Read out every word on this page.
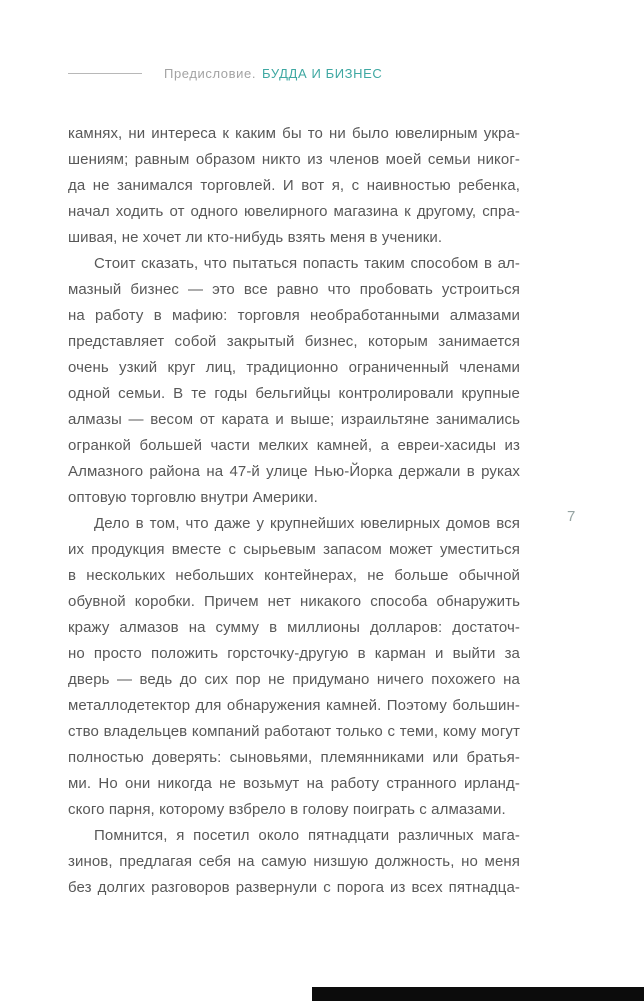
Предисловие. БУДДА И БИЗНЕС
7

камнях, ни интереса к каким бы то ни было ювелирным укра-
шениям; равным образом никто из членов моей семьи никог-
да не занимался торговлей. И вот я, с наивностью ребенка,
начал ходить от одного ювелирного магазина к другому, спра-
шивая, не хочет ли кто-нибудь взять меня в ученики.

Стоит сказать, что пытаться попасть таким способом в ал-
мазный бизнес — это все равно что пробовать устроиться
на работу в мафию: торговля необработанными алмазами
представляет собой закрытый бизнес, которым занимается
очень узкий круг лиц, традиционно ограниченный членами
одной семьи. В те годы бельгийцы контролировали крупные
алмазы — весом от карата и выше; израильтяне занимались
огранкой большей части мелких камней, а евреи-хасиды из
Алмазного района на 47-й улице Нью-Йорка держали в руках
оптовую торговлю внутри Америки.

Дело в том, что даже у крупнейших ювелирных домов вся
их продукция вместе с сырьевым запасом может уместиться
в нескольких небольших контейнерах, не больше обычной
обувной коробки. Причем нет никакого способа обнаружить
кражу алмазов на сумму в миллионы долларов: достаточ-
но просто положить горсточку-другую в карман и выйти за
дверь — ведь до сих пор не придумано ничего похожего на
металлодетектор для обнаружения камней. Поэтому большин-
ство владельцев компаний работают только с теми, кому могут
полностью доверять: сыновьями, племянниками или братья-
ми. Но они никогда не возьмут на работу странного ирланд-
ского парня, которому взбрело в голову поиграть с алмазами.

Помнится, я посетил около пятнадцати различных мага-
зинов, предлагая себя на самую низшую должность, но меня
без долгих разговоров развернули с порога из всех пятнадца-
